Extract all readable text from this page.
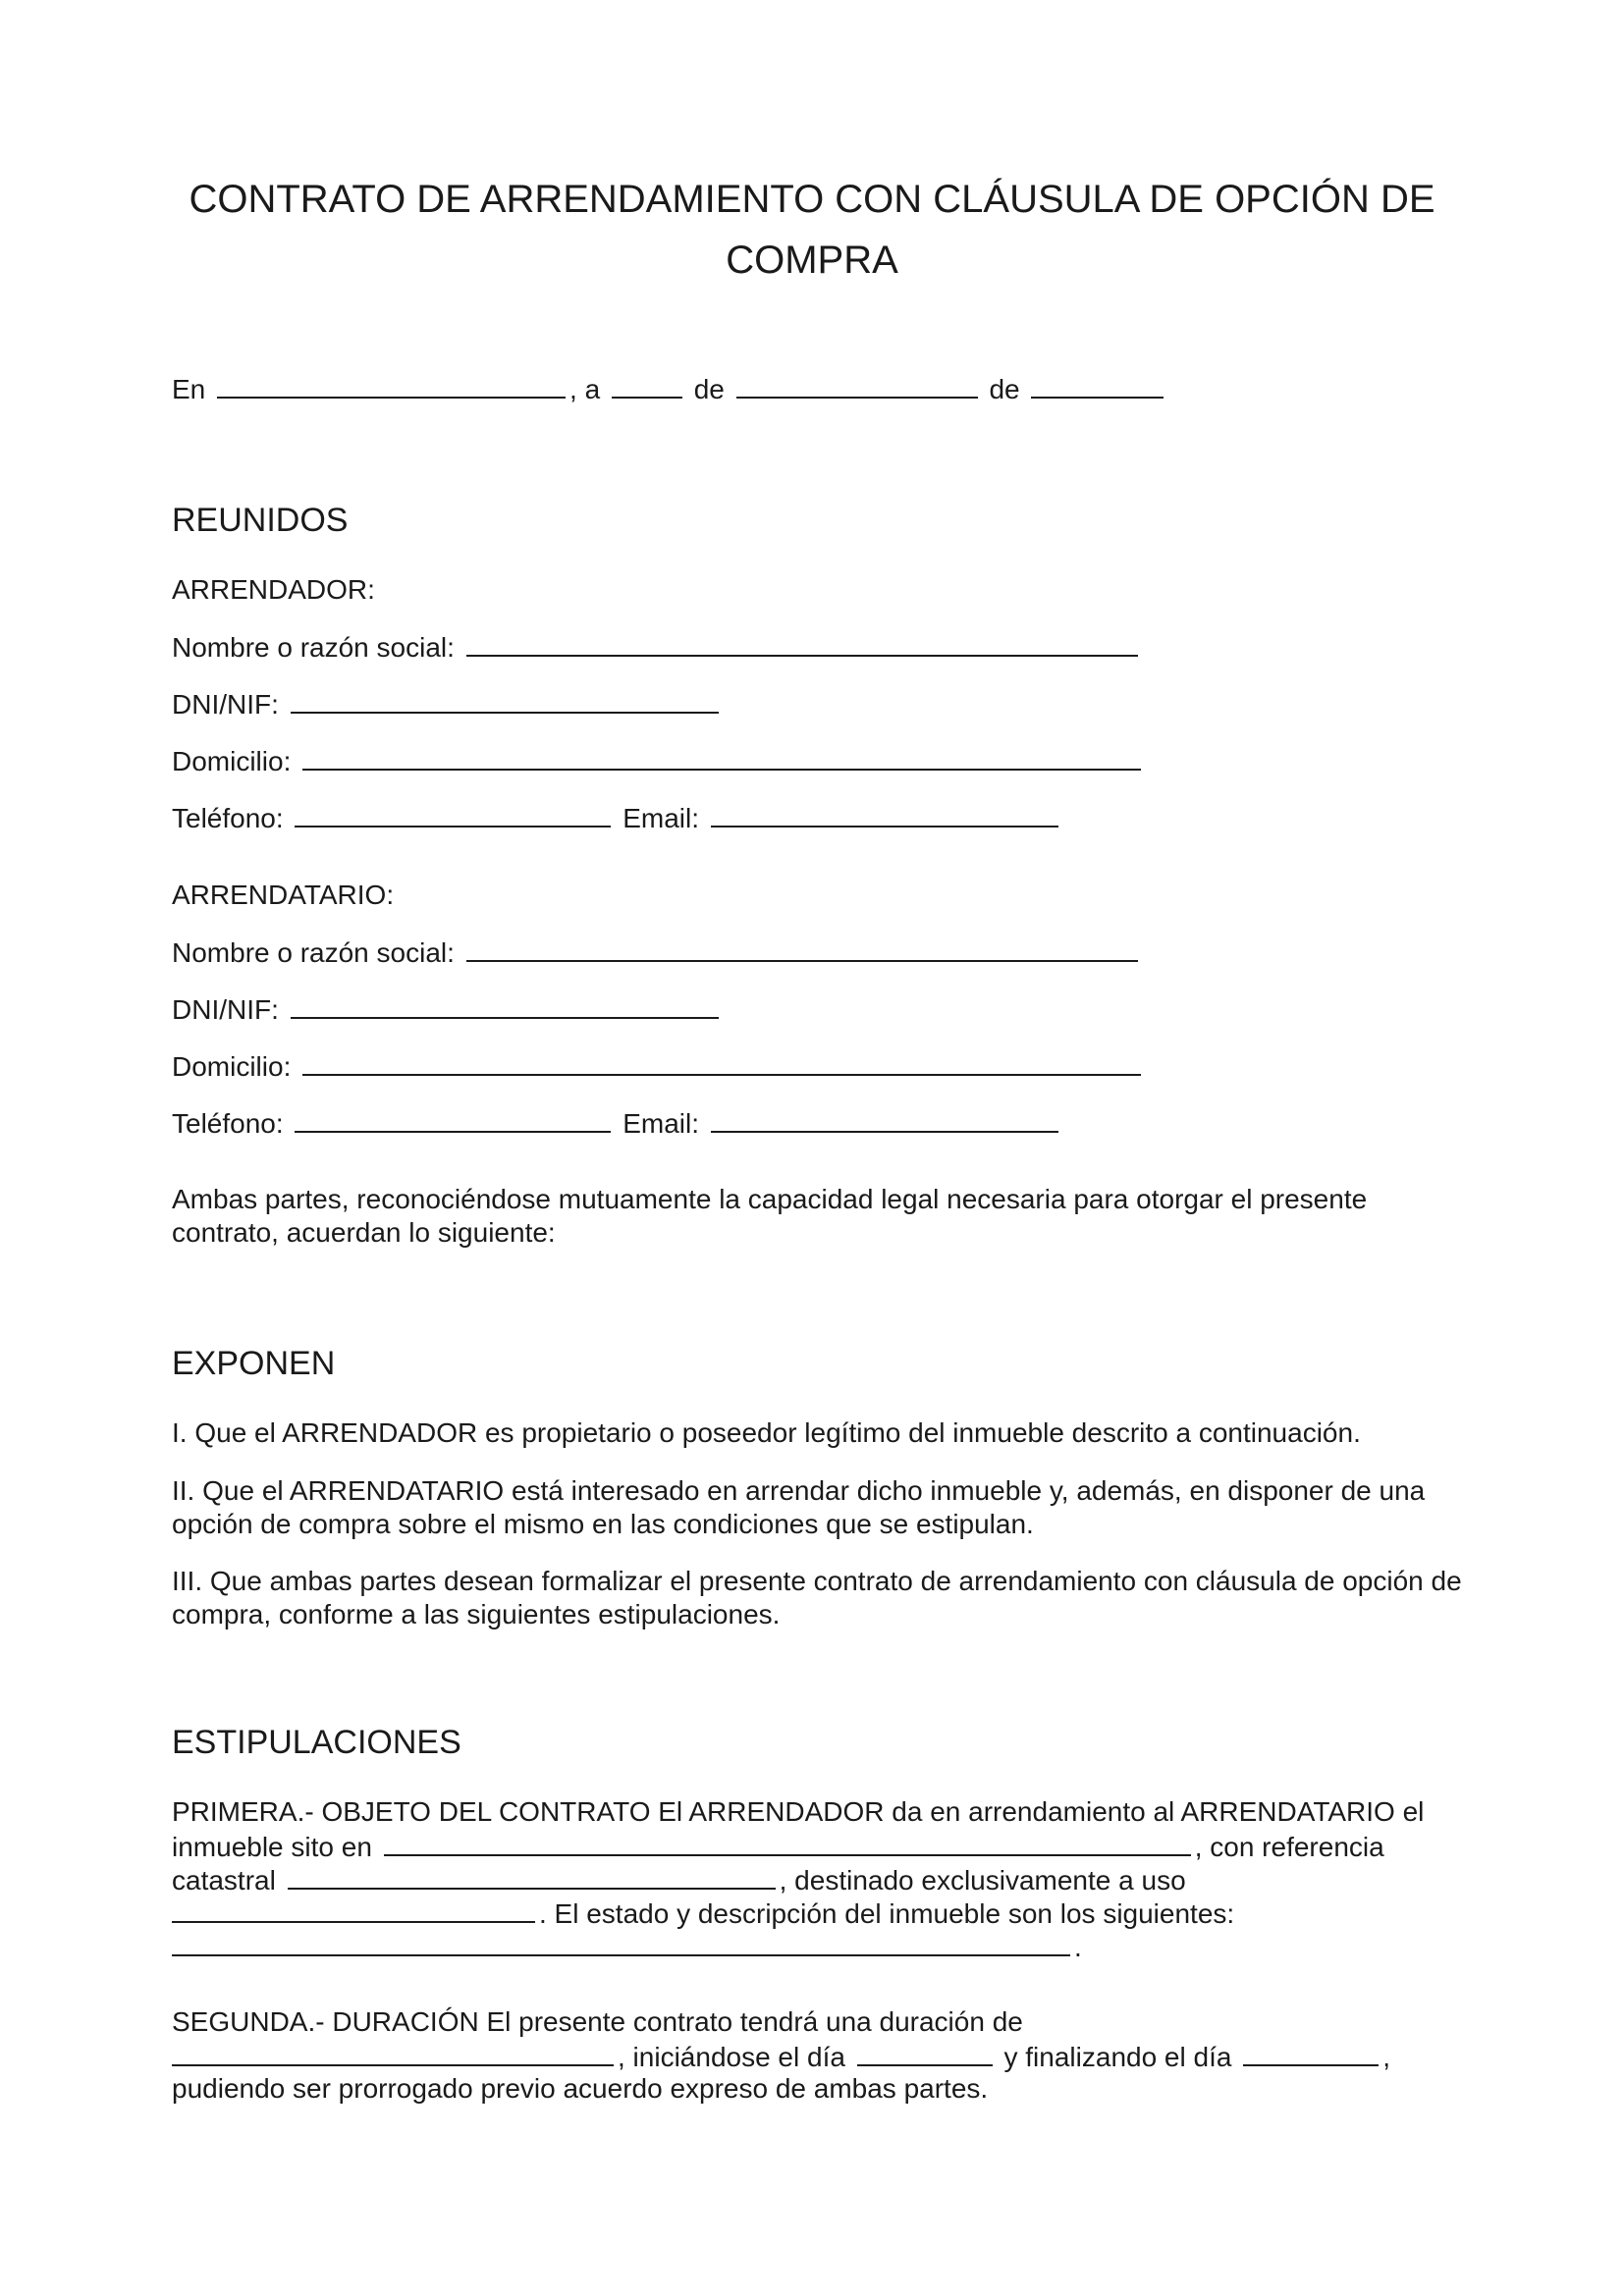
CONTRATO DE ARRENDAMIENTO CON CLÁUSULA DE OPCIÓN DE
COMPRA

En	, a	de	de

REUNIDOS

ARRENDADOR:

Nombre o razón social:

DNI/NIF:

Domicilio:

Teléfono:	Email:

ARRENDATARIO:

Nombre o razón social:

DNI/NIF:

Domicilio:

Teléfono:	Email:

Ambas partes, reconociéndose mutuamente la capacidad legal necesaria para otorgar el presente

contrato, acuerdan lo siguiente:

EXPONEN

I. Que el ARRENDADOR es propietario o poseedor legítimo del inmueble descrito a continuación.

II. Que el ARRENDATARIO está interesado en arrendar dicho inmueble y, además, en disponer de una

opción de compra sobre el mismo en las condiciones que se estipulan.

III. Que ambas partes desean formalizar el presente contrato de arrendamiento con cláusula de opción de

compra, conforme a las siguientes estipulaciones.

ESTIPULACIONES

PRIMERA.- OBJETO DEL CONTRATO El ARRENDADOR da en arrendamiento al ARRENDATARIO el

inmueble sito en	, con referencia

catastral	, destinado exclusivamente a uso

. El estado y descripción del inmueble son los siguientes:

.

SEGUNDA.- DURACIÓN El presente contrato tendrá una duración de

, iniciándose el día	y finalizando el día	,

pudiendo ser prorrogado previo acuerdo expreso de ambas partes.
